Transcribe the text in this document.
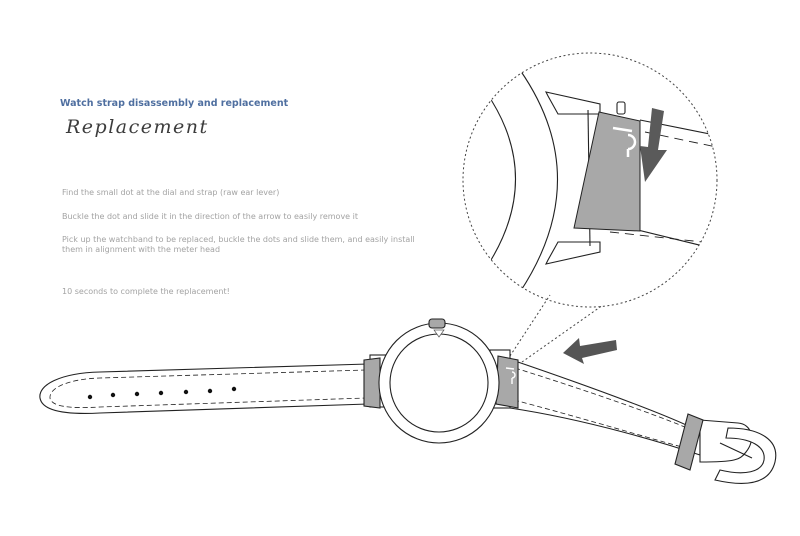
Watch strap disassembly and replacement
Replacement
Find the small dot at the dial and strap (raw ear lever)
Buckle the dot and slide it in the direction of the arrow to easily remove it
Pick up the watchband to be replaced, buckle the dots and slide them, and easily install them in alignment with the meter head
10 seconds to complete the replacement!
